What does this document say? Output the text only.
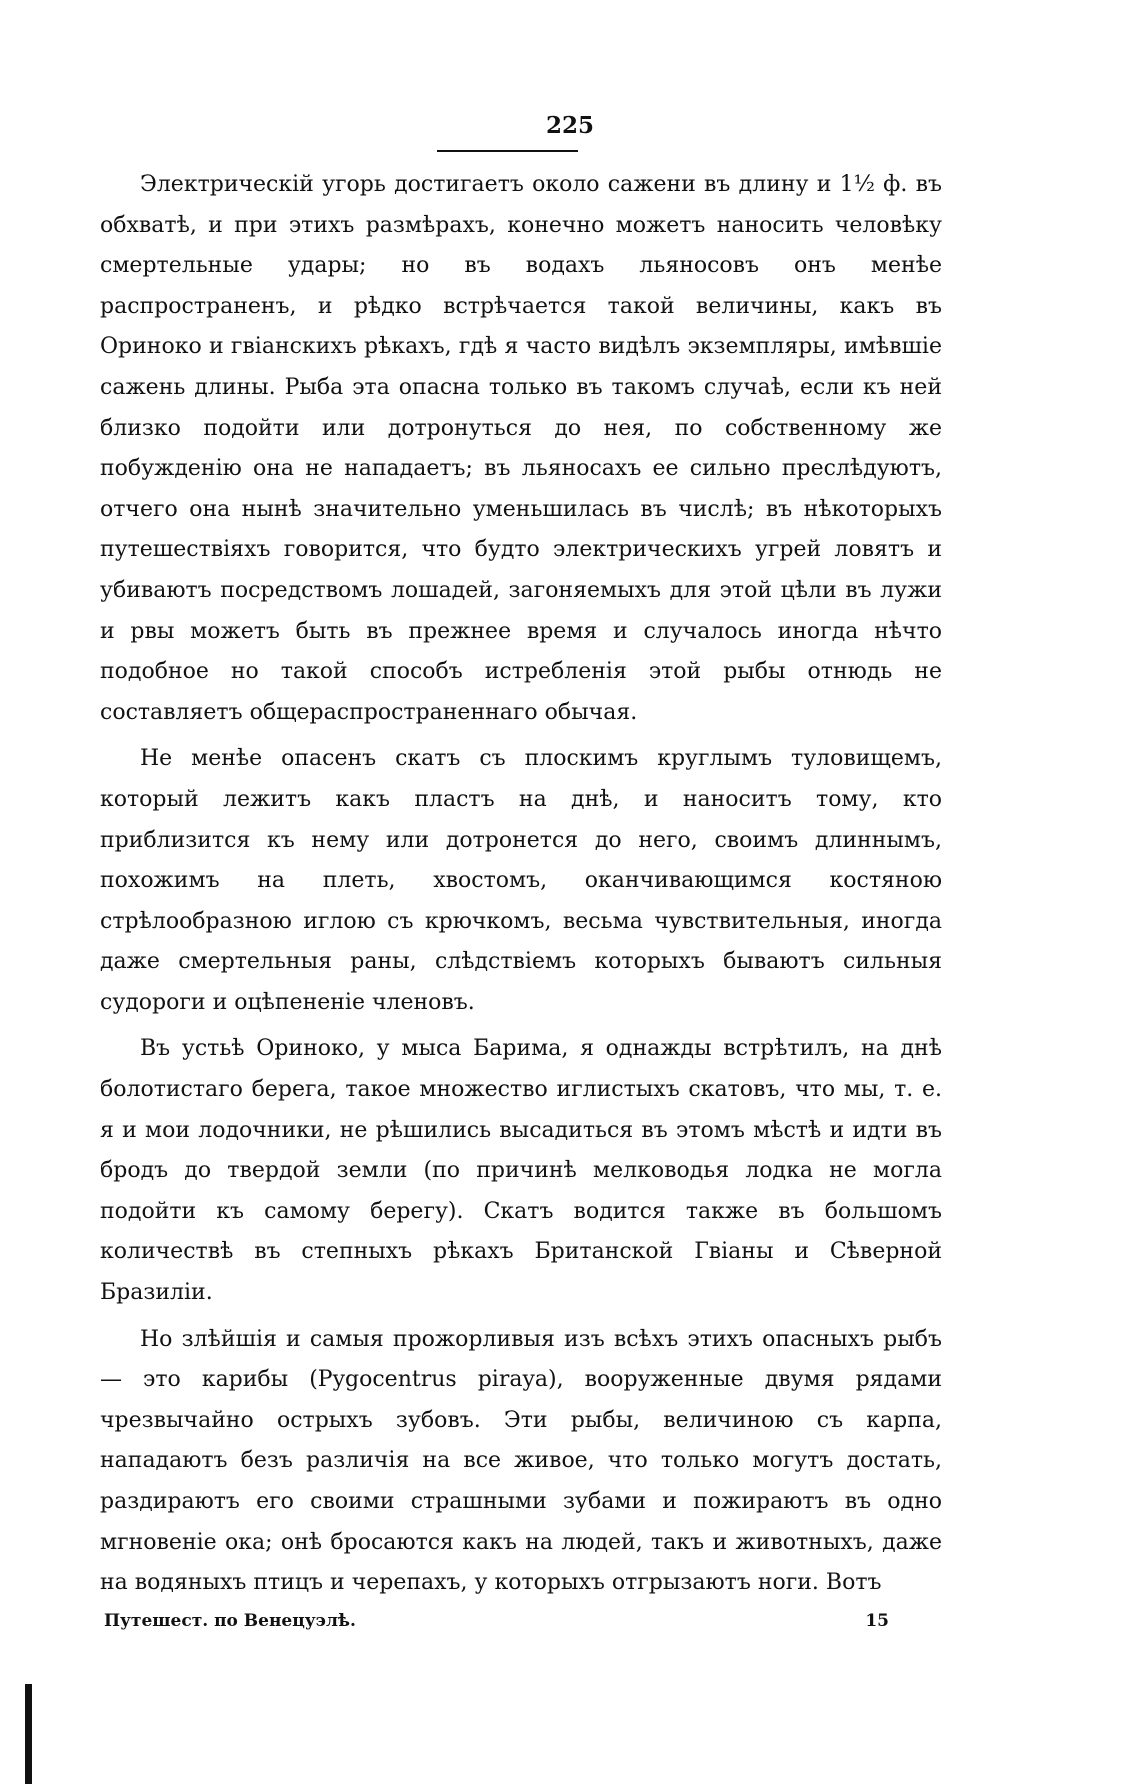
225

Электрическій угорь достигаетъ около сажени въ длину и 1½ ф. въ обхватѣ, и при этихъ размѣрахъ, конечно можетъ наносить человѣку смертельные удары; но въ водахъ льяносовъ онъ менѣе распространенъ, и рѣдко встрѣчается такой величины, какъ въ Ориноко и гвіанскихъ рѣкахъ, гдѣ я часто видѣлъ экземпляры, имѣвшіе сажень длины. Рыба эта опасна только въ такомъ случаѣ, если къ ней близко подойти или дотронуться до нея, по собственному же побужденію она не нападаетъ; въ льяносахъ ее сильно преслѣдуютъ, отчего она нынѣ значительно уменьшилась въ числѣ; въ нѣкоторыхъ путешествіяхъ говорится, что будто электрическихъ угрей ловятъ и убиваютъ посредствомъ лошадей, загоняемыхъ для этой цѣли въ лужи и рвы можетъ быть въ прежнее время и случалось иногда нѣчто подобное но такой способъ истребленія этой рыбы отнюдь не составляетъ общераспространеннаго обычая.

Не менѣе опасенъ скатъ съ плоскимъ круглымъ туловищемъ, который лежитъ какъ пластъ на днѣ, и наноситъ тому, кто приблизится къ нему или дотронется до него, своимъ длиннымъ, похожимъ на плеть, хвостомъ, оканчивающимся костяною стрѣлообразною иглою съ крючкомъ, весьма чувствительныя, иногда даже смертельныя раны, слѣдствіемъ которыхъ бываютъ сильныя судороги и оцѣпененіе членовъ.

Въ устьѣ Ориноко, у мыса Барима, я однажды встрѣтилъ, на днѣ болотистаго берега, такое множество иглистыхъ скатовъ, что мы, т. е. я и мои лодочники, не рѣшились высадиться въ этомъ мѣстѣ и идти въ бродъ до твердой земли (по причинѣ мелководья лодка не могла подойти къ самому берегу). Скатъ водится также въ большомъ количествѣ въ степныхъ рѣкахъ Британской Гвіаны и Сѣверной Бразиліи.

Но злѣйшія и самыя прожорливыя изъ всѣхъ этихъ опасныхъ рыбъ — это карибы (Pygocentrus piraya), вооруженные двумя рядами чрезвычайно острыхъ зубовъ. Эти рыбы, величиною съ карпа, нападаютъ безъ различія на все живое, что только могутъ достать, раздираютъ его своими страшными зубами и пожираютъ въ одно мгновеніе ока; онѣ бросаются какъ на людей, такъ и животныхъ, даже на водяныхъ птицъ и черепахъ, у которыхъ отгрызаютъ ноги. Вотъ

Путешест. по Венецуэлѣ.	15
